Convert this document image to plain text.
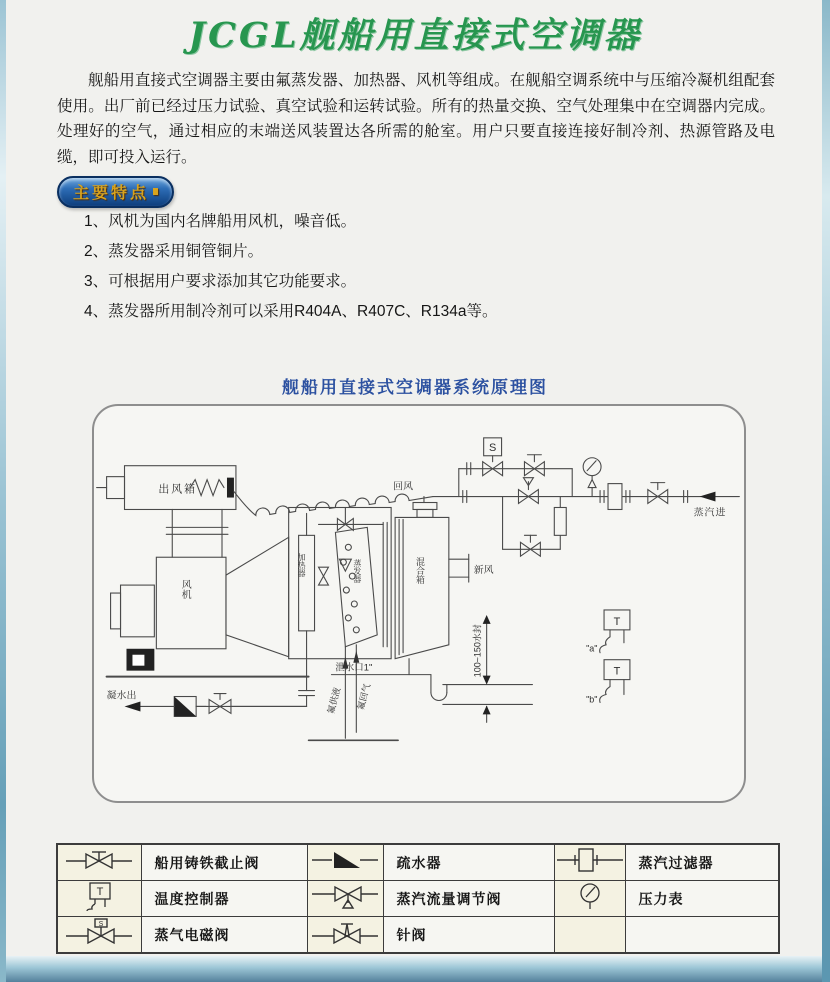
JCGL舰船用直接式空调器
舰船用直接式空调器主要由氟蒸发器、加热器、风机等组成。在舰船空调系统中与压缩冷凝机组配套使用。出厂前已经过压力试验、真空试验和运转试验。所有的热量交换、空气处理集中在空调器内完成。处理好的空气，通过相应的末端送风装置达各所需的舱室。用户只要直接连接好制冷剂、热源管路及电缆，即可投入运行。
主要特点
1、风机为国内名牌船用风机，噪音低。
2、蒸发器采用铜管铜片。
3、可根据用户要求添加其它功能要求。
4、蒸发器所用制冷剂可以采用R404A、R407C、R134a等。
舰船用直接式空调器系统原理图
出风箱
风机
加热器	蒸发器	混合箱	新风
回风
蒸汽进
凝水出
泄水口1"	100~150水封
氟供液 氟回气
S
T
T
"a"
"b"
	船用铸铁截止阀		疏水器		蒸汽过滤器

T	温度控制器		蒸汽流量调节阀		压力表

S	蒸气电磁阀		针阀		
